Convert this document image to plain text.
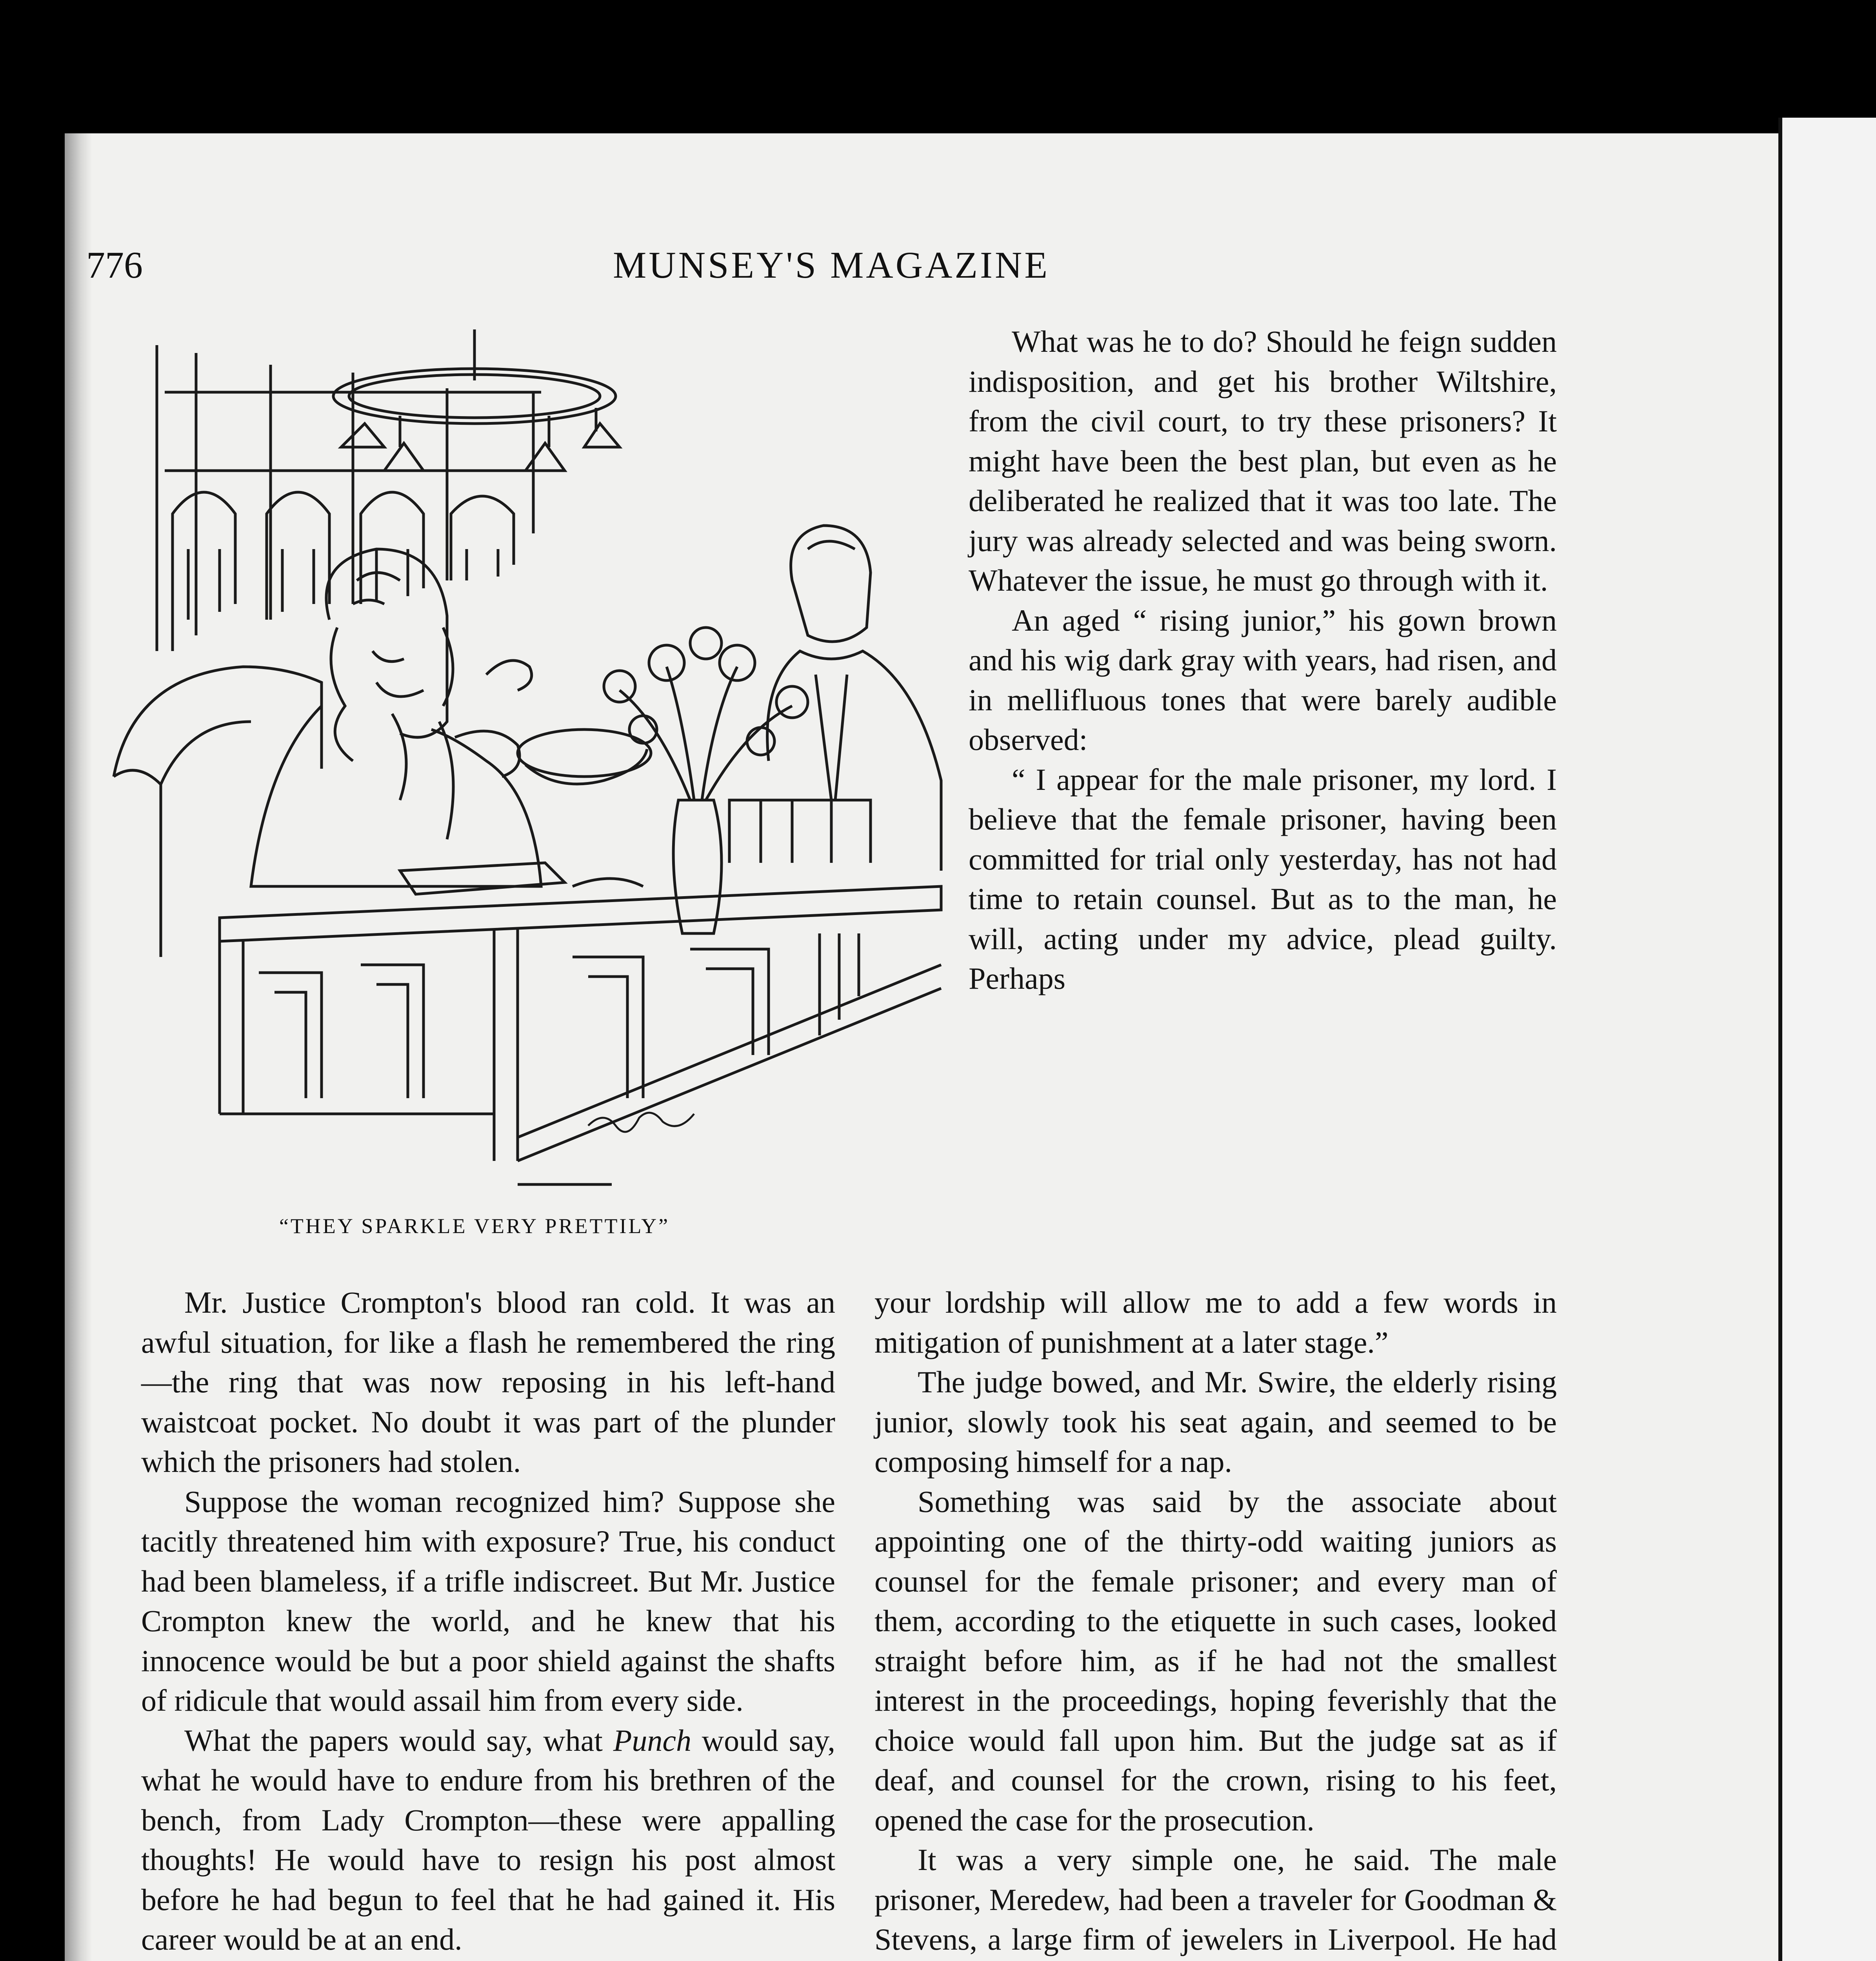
776	MUNSEY'S MAGAZINE
“THEY SPARKLE VERY PRETTILY”

What was he to do? Should he feign sudden indisposition, and get his brother Wiltshire, from the civil court, to try these prisoners? It might have been the best plan, but even as he deliberated he realized that it was too late. The jury was already selected and was being sworn. Whatever the issue, he must go through with it.

An aged “ rising junior,” his gown brown and his wig dark gray with years, had risen, and in mellifluous tones that were barely audible observed:

“ I appear for the male prisoner, my lord. I believe that the female prisoner, having been committed for trial only yesterday, has not had time to retain counsel. But as to the man, he will, acting under my advice, plead guilty. Perhaps

Mr. Justice Crompton's blood ran cold. It was an awful situation, for like a flash he remembered the ring—the ring that was now reposing in his left-hand waistcoat pocket. No doubt it was part of the plunder which the prisoners had stolen.

Suppose the woman recognized him? Suppose she tacitly threatened him with exposure? True, his conduct had been blameless, if a trifle indiscreet. But Mr. Justice Crompton knew the world, and he knew that his innocence would be but a poor shield against the shafts of ridicule that would assail him from every side.

What the papers would say, what Punch would say, what he would have to endure from his brethren of the bench, from Lady Crompton—these were appalling thoughts! He would have to resign his post almost before he had begun to feel that he had gained it. His career would be at an end.

your lordship will allow me to add a few words in mitigation of punishment at a later stage.”

The judge bowed, and Mr. Swire, the elderly rising junior, slowly took his seat again, and seemed to be composing himself for a nap.

Something was said by the associate about appointing one of the thirty-odd waiting juniors as counsel for the female prisoner; and every man of them, according to the etiquette in such cases, looked straight before him, as if he had not the smallest interest in the proceedings, hoping feverishly that the choice would fall upon him. But the judge sat as if deaf, and counsel for the crown, rising to his feet, opened the case for the prosecution.

It was a very simple one, he said. The male prisoner, Meredew, had been a traveler for Goodman & Stevens, a large firm of jewelers in Liverpool. He had
